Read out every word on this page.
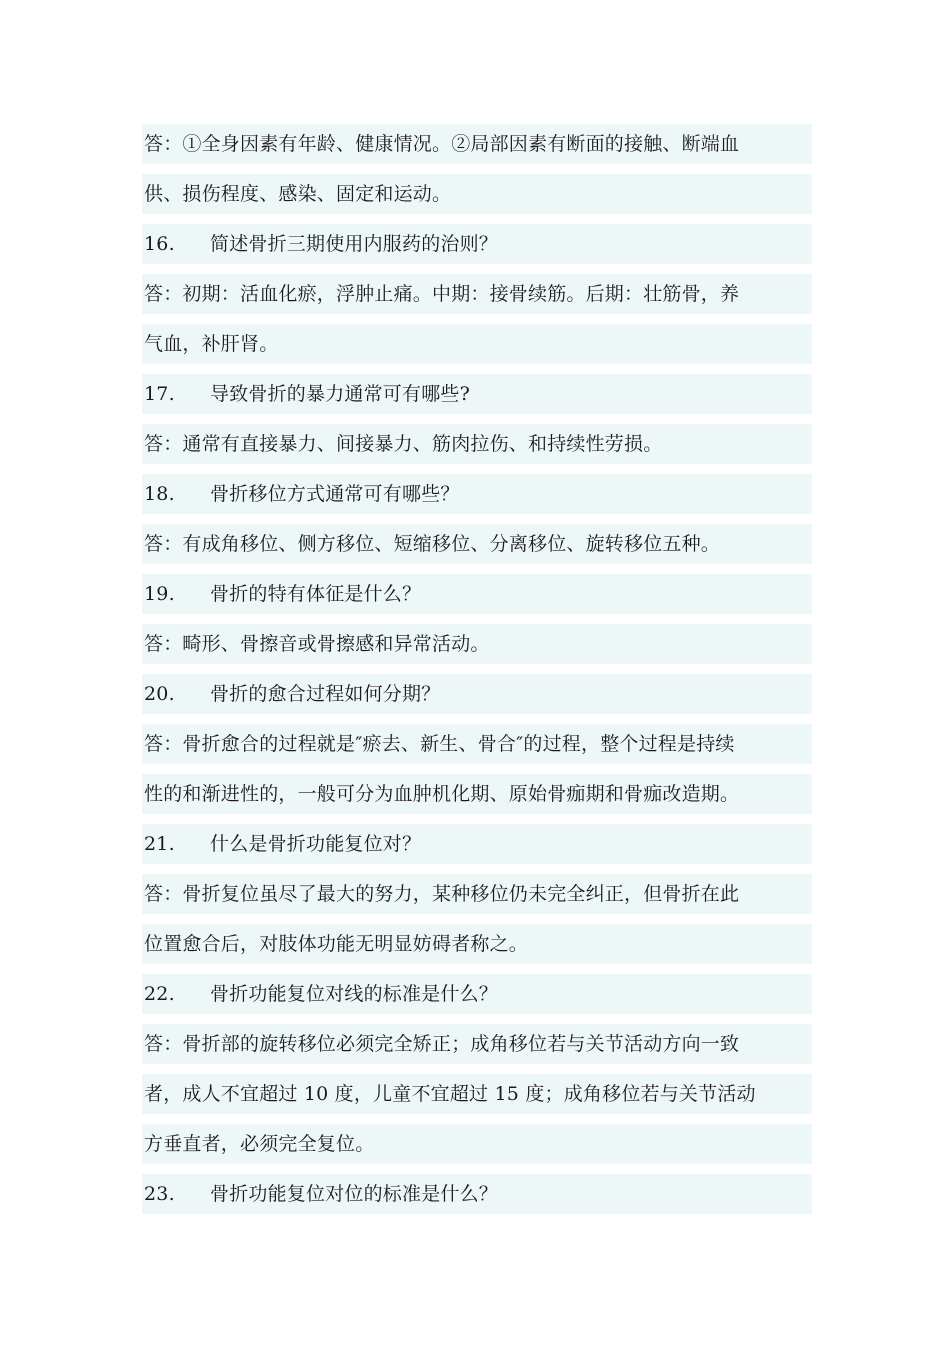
答：①全身因素有年龄、健康情况。②局部因素有断面的接触、断端血
供、损伤程度、感染、固定和运动。
16. 简述骨折三期使用内服药的治则？
答：初期：活血化瘀，浮肿止痛。中期：接骨续筋。后期：壮筋骨，养
气血，补肝肾。
17. 导致骨折的暴力通常可有哪些?
答：通常有直接暴力、间接暴力、筋肉拉伤、和持续性劳损。
18. 骨折移位方式通常可有哪些？
答：有成角移位、侧方移位、短缩移位、分离移位、旋转移位五种。
19. 骨折的特有体征是什么？
答：畸形、骨擦音或骨擦感和异常活动。
20. 骨折的愈合过程如何分期？
答：骨折愈合的过程就是″瘀去、新生、骨合″的过程，整个过程是持续
性的和渐进性的，一般可分为血肿机化期、原始骨痂期和骨痂改造期。
21. 什么是骨折功能复位对？
答：骨折复位虽尽了最大的努力，某种移位仍未完全纠正，但骨折在此
位置愈合后，对肢体功能无明显妨碍者称之。
22. 骨折功能复位对线的标准是什么？
答：骨折部的旋转移位必须完全矫正；成角移位若与关节活动方向一致
者，成人不宜超过 10 度，儿童不宜超过 15 度；成角移位若与关节活动
方垂直者，必须完全复位。
23. 骨折功能复位对位的标准是什么？
